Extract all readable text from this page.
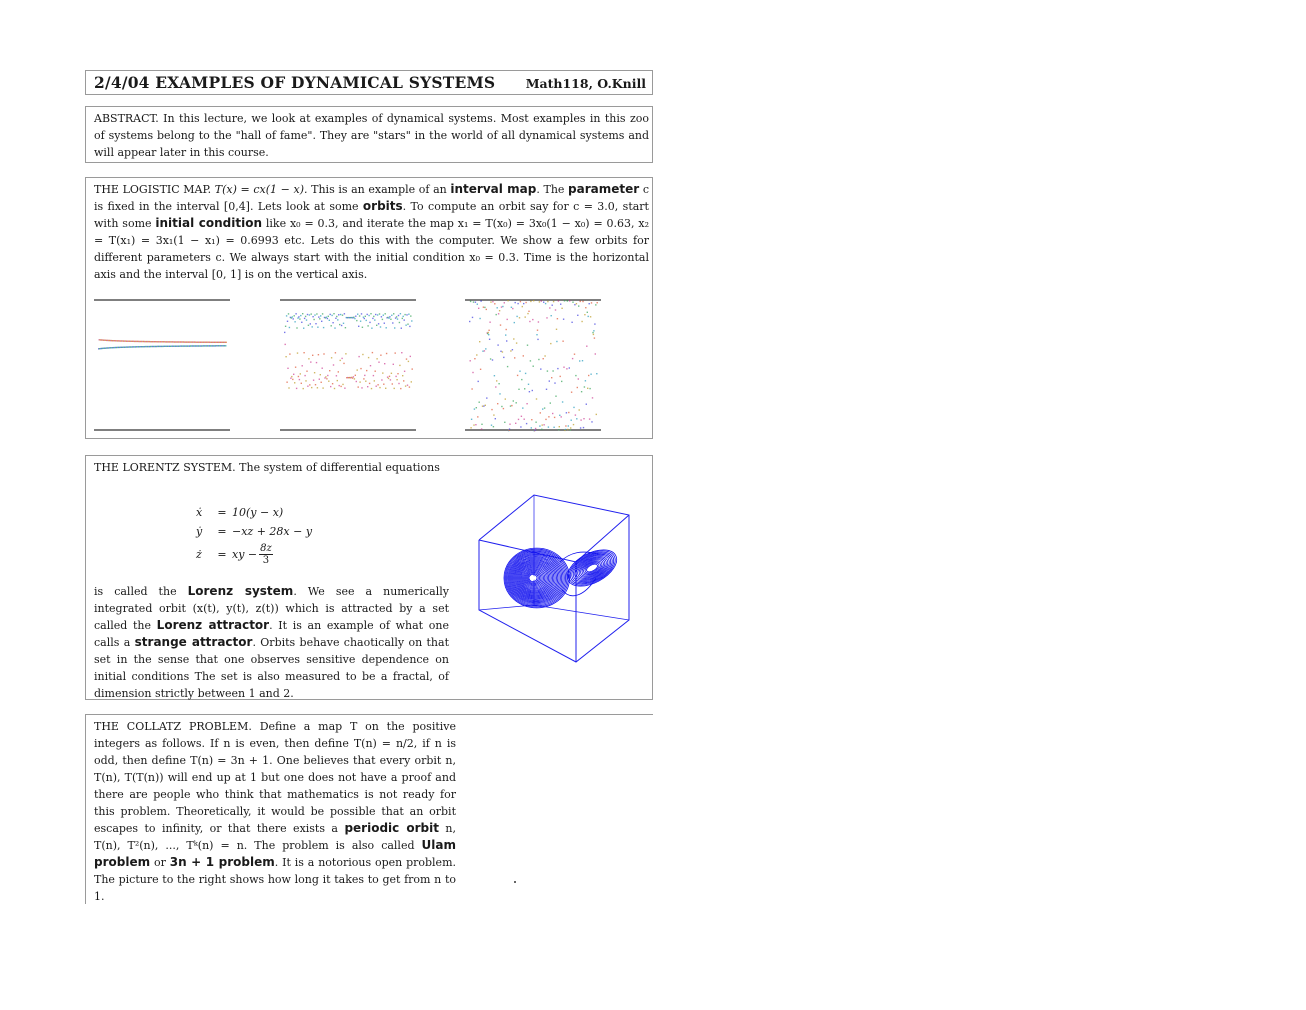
2/4/04 EXAMPLES OF DYNAMICAL SYSTEMS Math118, O.Knill

ABSTRACT. In this lecture, we look at examples of dynamical systems. Most examples in this zoo of systems belong to the "hall of fame". They are "stars" in the world of all dynamical systems and will appear later in this course.

THE LOGISTIC MAP. T(x) = cx(1 − x). This is an example of an interval map. The parameter c is fixed in the interval [0,4]. Lets look at some orbits. To compute an orbit say for c = 3.0, start with some initial condition like x₀ = 0.3, and iterate the map x₁ = T(x₀) = 3x₀(1 − x₀) = 0.63, x₂ = T(x₁) = 3x₁(1 − x₁) = 0.6993 etc. Lets do this with the computer. We show a few orbits for different parameters c. We always start with the initial condition x₀ = 0.3. Time is the horizontal axis and the interval [0, 1] is on the vertical axis.

THE LORENTZ SYSTEM. The system of differential equations

ẋ	= 10(y − x)
ẏ	= −xz + 28x − y
ż	= xy − $\frac{8z}{3}$

is called the Lorenz system. We see a numerically integrated orbit (x(t), y(t), z(t)) which is attracted by a set called the Lorenz attractor. It is an example of what one calls a strange attractor. Orbits behave chaotically on that set in the sense that one observes sensitive dependence on initial conditions The set is also measured to be a fractal, of dimension strictly between 1 and 2.

THE COLLATZ PROBLEM. Define a map T on the positive integers as follows. If n is even, then define T(n) = n/2, if n is odd, then define T(n) = 3n + 1. One believes that every orbit n, T(n), T(T(n)) will end up at 1 but one does not have a proof and there are people who think that mathematics is not ready for this problem. Theoretically, it would be possible that an orbit escapes to infinity, or that there exists a periodic orbit n, T(n), T²(n), ..., Tᵏ(n) = n. The problem is also called Ulam problem or 3n + 1 problem. It is a notorious open problem. The picture to the right shows how long it takes to get from n to 1.
